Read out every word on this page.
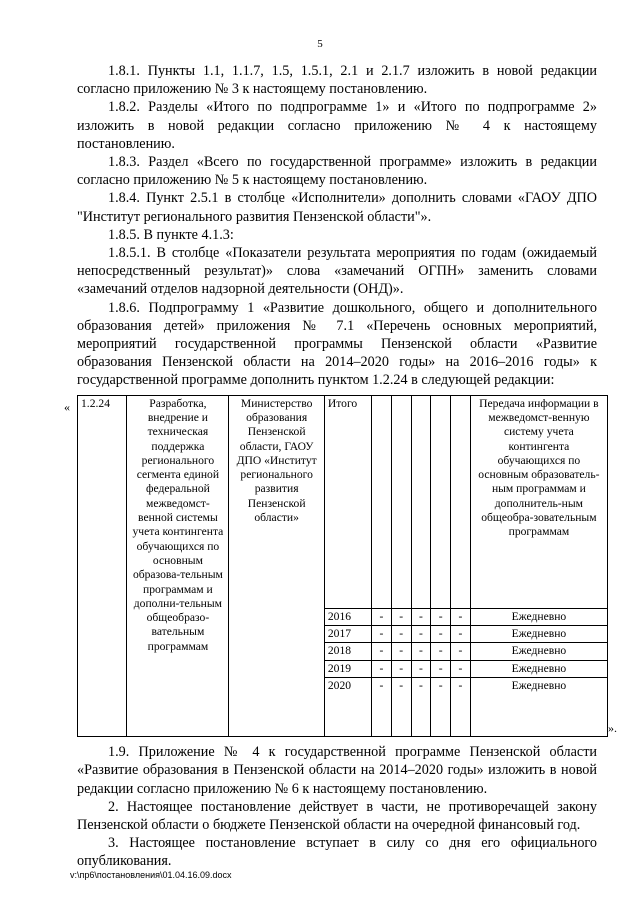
5

1.8.1. Пункты 1.1, 1.1.7, 1.5, 1.5.1, 2.1 и 2.1.7 изложить в новой редакции согласно приложению № 3 к настоящему постановлению.

1.8.2. Разделы «Итого по подпрограмме 1» и «Итого по подпрограмме 2» изложить в новой редакции согласно приложению № 4 к настоящему постановлению.

1.8.3. Раздел «Всего по государственной программе» изложить в редакции согласно приложению № 5 к настоящему постановлению.

1.8.4. Пункт 2.5.1 в столбце «Исполнители» дополнить словами «ГАОУ ДПО "Институт регионального развития Пензенской области"».

1.8.5. В пункте 4.1.3:

1.8.5.1. В столбце «Показатели результата мероприятия по годам (ожидаемый непосредственный результат)» слова «замечаний ОГПН» заменить словами «замечаний отделов надзорной деятельности (ОНД)».

1.8.6. Подпрограмму 1 «Развитие дошкольного, общего и дополнительного образования детей» приложения № 7.1 «Перечень основных мероприятий, мероприятий государственной программы Пензенской области «Развитие образования Пензенской области на 2014–2020 годы» на 2016–2016 годы» к государственной программе дополнить пунктом 1.2.24 в следующей редакции:

« 1.2.24	Разработка, внедрение и техническая поддержка регионального сегмента единой федеральной межведомст-венной системы учета контингента обучающихся по основным образова-тельным программам и дополни-тельным общеобразо-вательным программам	Министерство образования Пензенской области, ГАОУ ДПО «Институт регионального развития Пензенской области»	Итого						Передача информации в межведомст-венную систему учета контингента обучающихся по основным образователь-ным программам и дополнитель-ным общеобра-зовательным программам
			2016	-	-	-	-	-	Ежедневно
			2017	-	-	-	-	-	Ежедневно
			2018	-	-	-	-	-	Ежедневно
			2019	-	-	-	-	-	Ежедневно
			2020	-	-	-	-	-	Ежедневно

».

1.9. Приложение № 4 к государственной программе Пензенской области «Развитие образования в Пензенской области на 2014–2020 годы» изложить в новой редакции согласно приложению № 6 к настоящему постановлению.

2. Настоящее постановление действует в части, не противоречащей закону Пензенской области о бюджете Пензенской области на очередной финансовый год.

3. Настоящее постановление вступает в силу со дня его официального опубликования.

v:\пр6\постановления\01.04.16.09.docx
